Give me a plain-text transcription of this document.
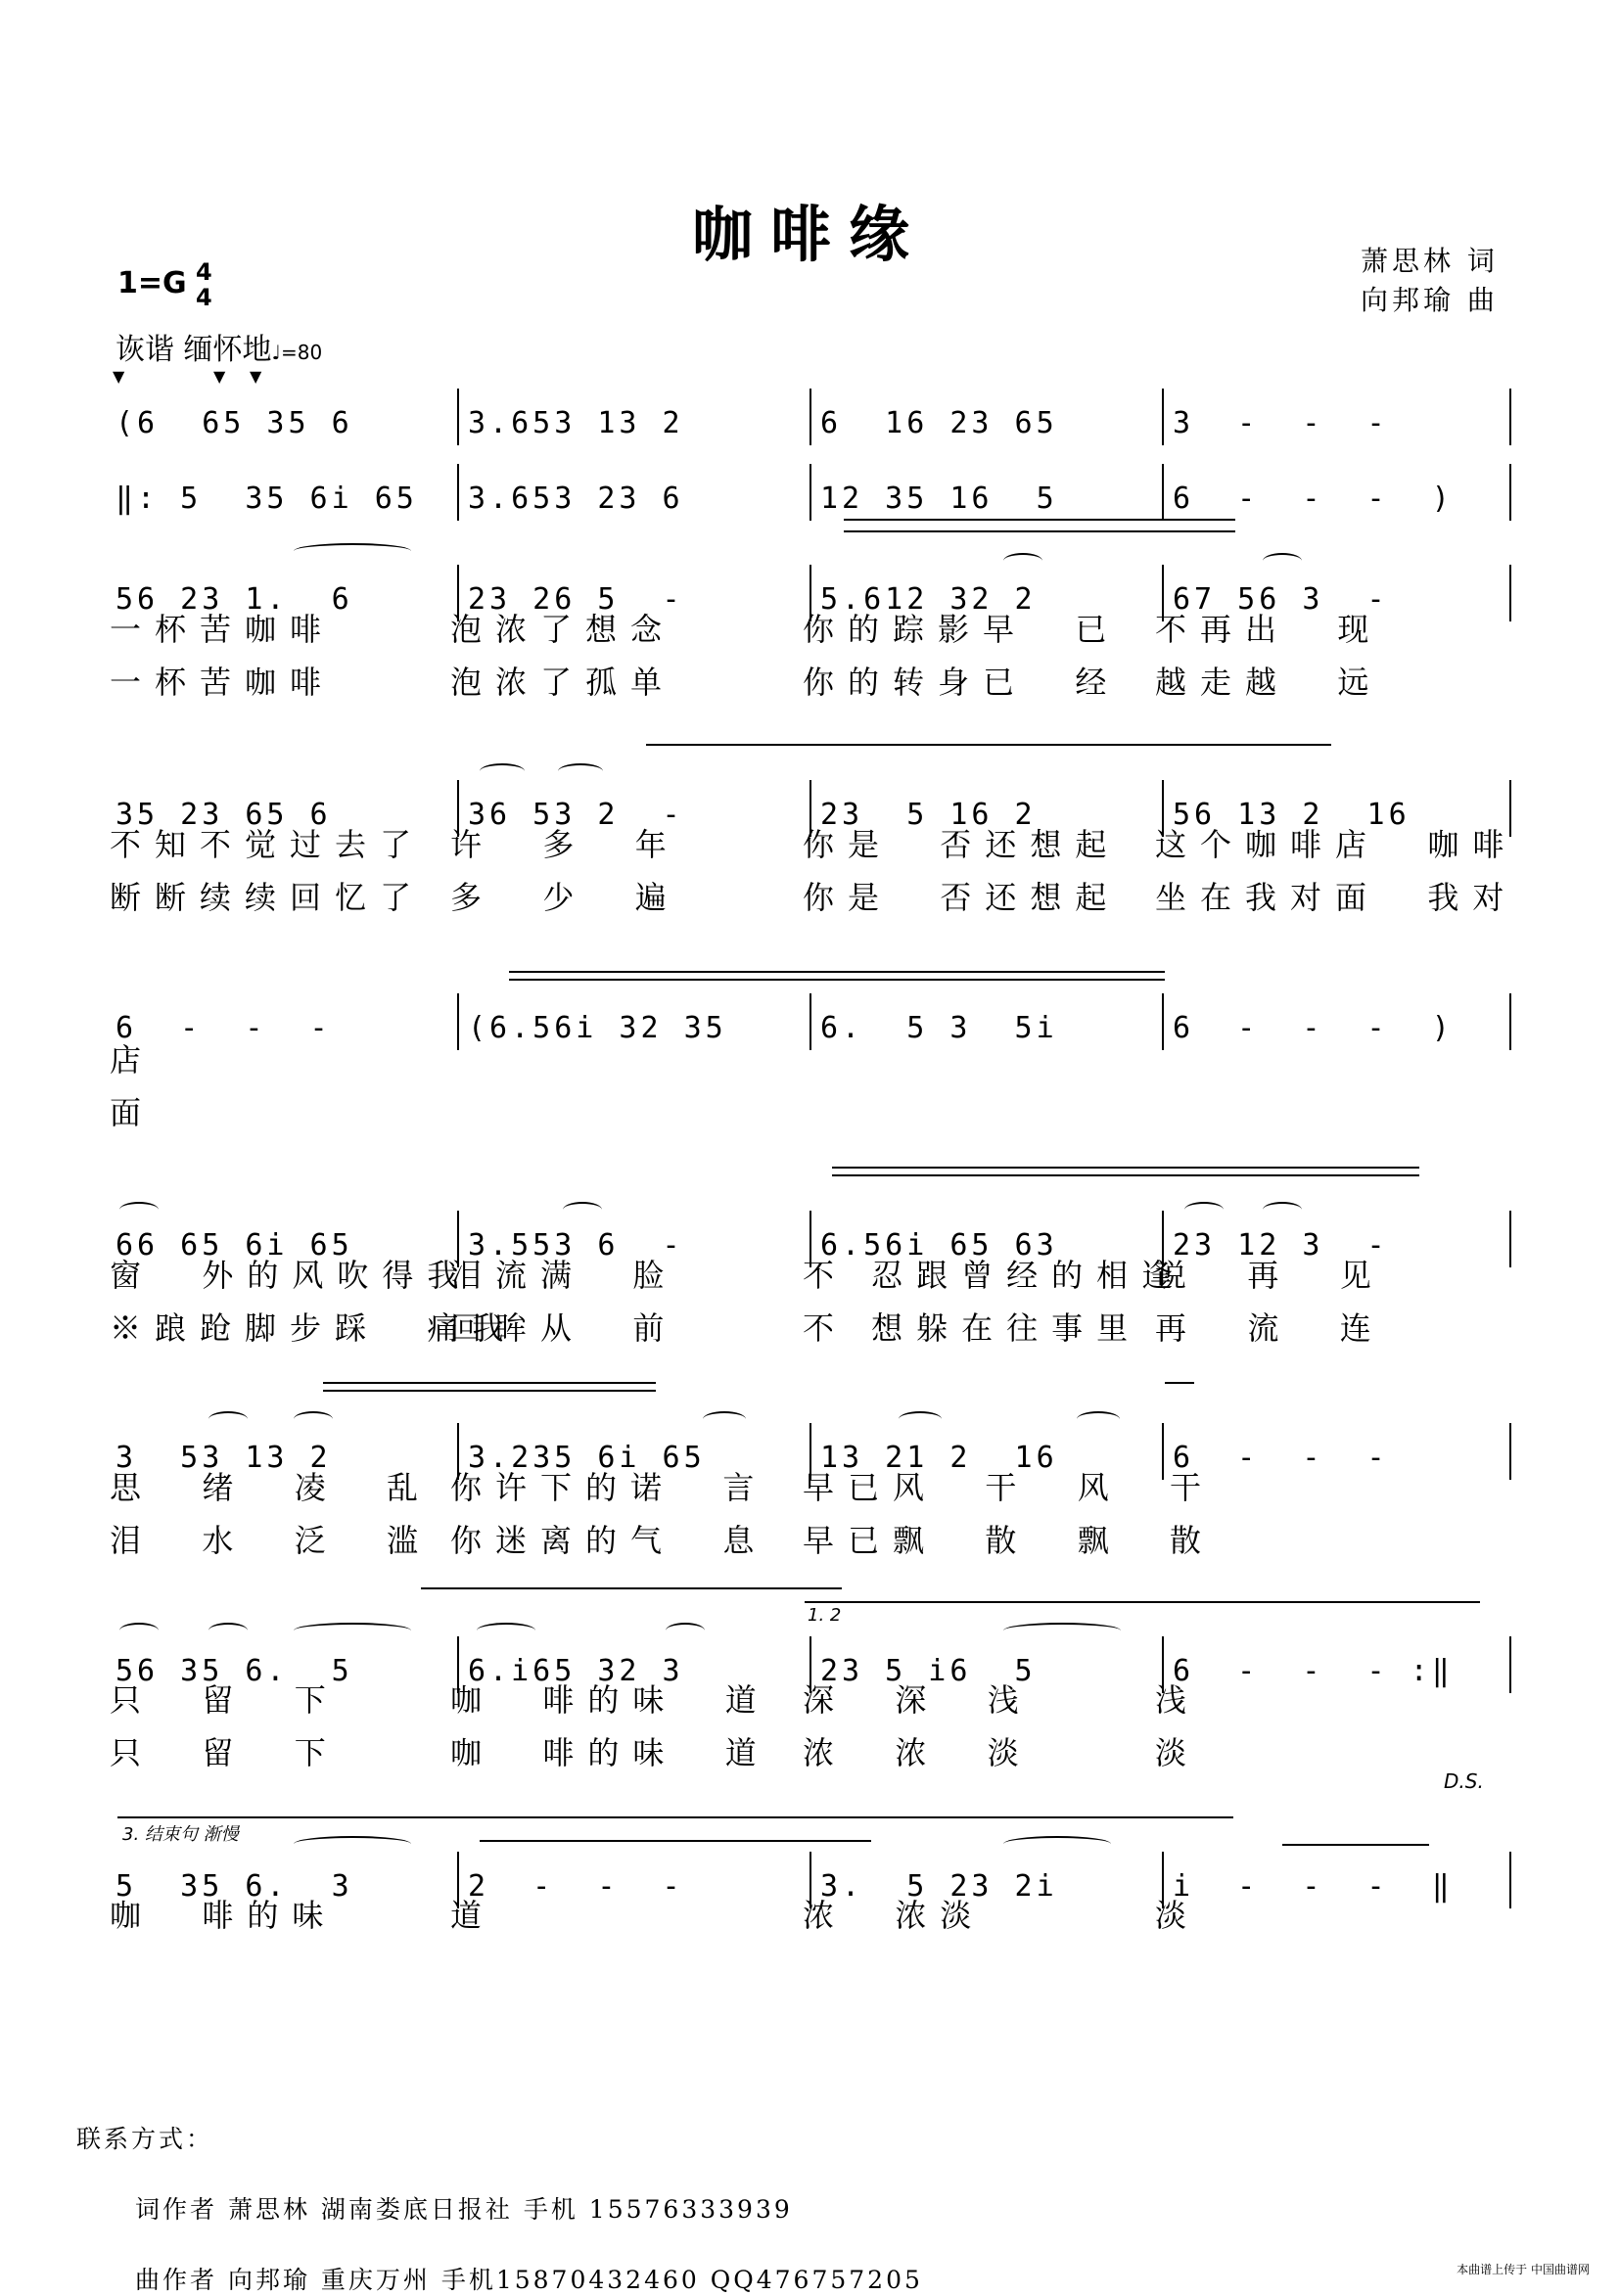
咖啡缘	萧思林 词
向邦瑜 曲
1=G 4
4
诙谐 缅怀地♩=80
▼	▼ ▼
(6  65 35 6	3.653 13 2	6  16 23 65	3  -  -  -
‖: 5  35 6i 65 3.653 23 6	12 35 16  5	6  -  -  -  )
56 23 1.  6	23 26 5  -	5.612 32 2	67 56 3  -
35 23 65 6	36 53 2  -	23  5 16 2	56 13 2  16
6  -  -  -	(6.56i 32 35	6.  5 3  5i	6  -  -  -  )
66 65 6i 65	3.553 6  -	6.56i 65 63	23 12 3  -
3  53 13 2	3.235 6i 65	13 21 2  16	6  -  -  -
56 35 6.  5	6.i65 32 3	23 5 i6  5	6  -  -  - :‖
5  35 6.  3	2  -  -  -	3.  5 23 2i	i  -  -  -  ‖
一杯苦咖啡	泡浓了想念	你的踪影早  已 不再出  现
一杯苦咖啡	泡浓了孤单	你的转身已  经 越走越  远
不知不觉过去了 许  多  年	你是  否还想起 这个咖啡店  咖啡
断断续续回忆了 多  少  遍	你是  否还想起 坐在我对面  我对
店
面
窗  外的风吹得我
泪流满  脸	不 忍跟曾经的相逢
说  再  见
※踉跄脚步踩  痛我
回眸从  前	不 想躲在往事里 再  流  连
思  绪  凌  乱 你许下的诺  言 早已风  干  风  干
泪  水  泛  滥 你迷离的气  息 早已飘  散  飘  散
只  留  下	咖  啡的味  道 深  深  浅	浅
只  留  下	咖  啡的味  道 浓  浓  淡	淡
咖  啡的味	道	浓  浓淡	淡
1. 2
3. 结束句 渐慢
D.S.
联系方式：
词作者 萧思林 湖南娄底日报社 手机 15576333939
曲作者 向邦瑜 重庆万州 手机15870432460 QQ476757205	本曲谱上传于 中国曲谱网
